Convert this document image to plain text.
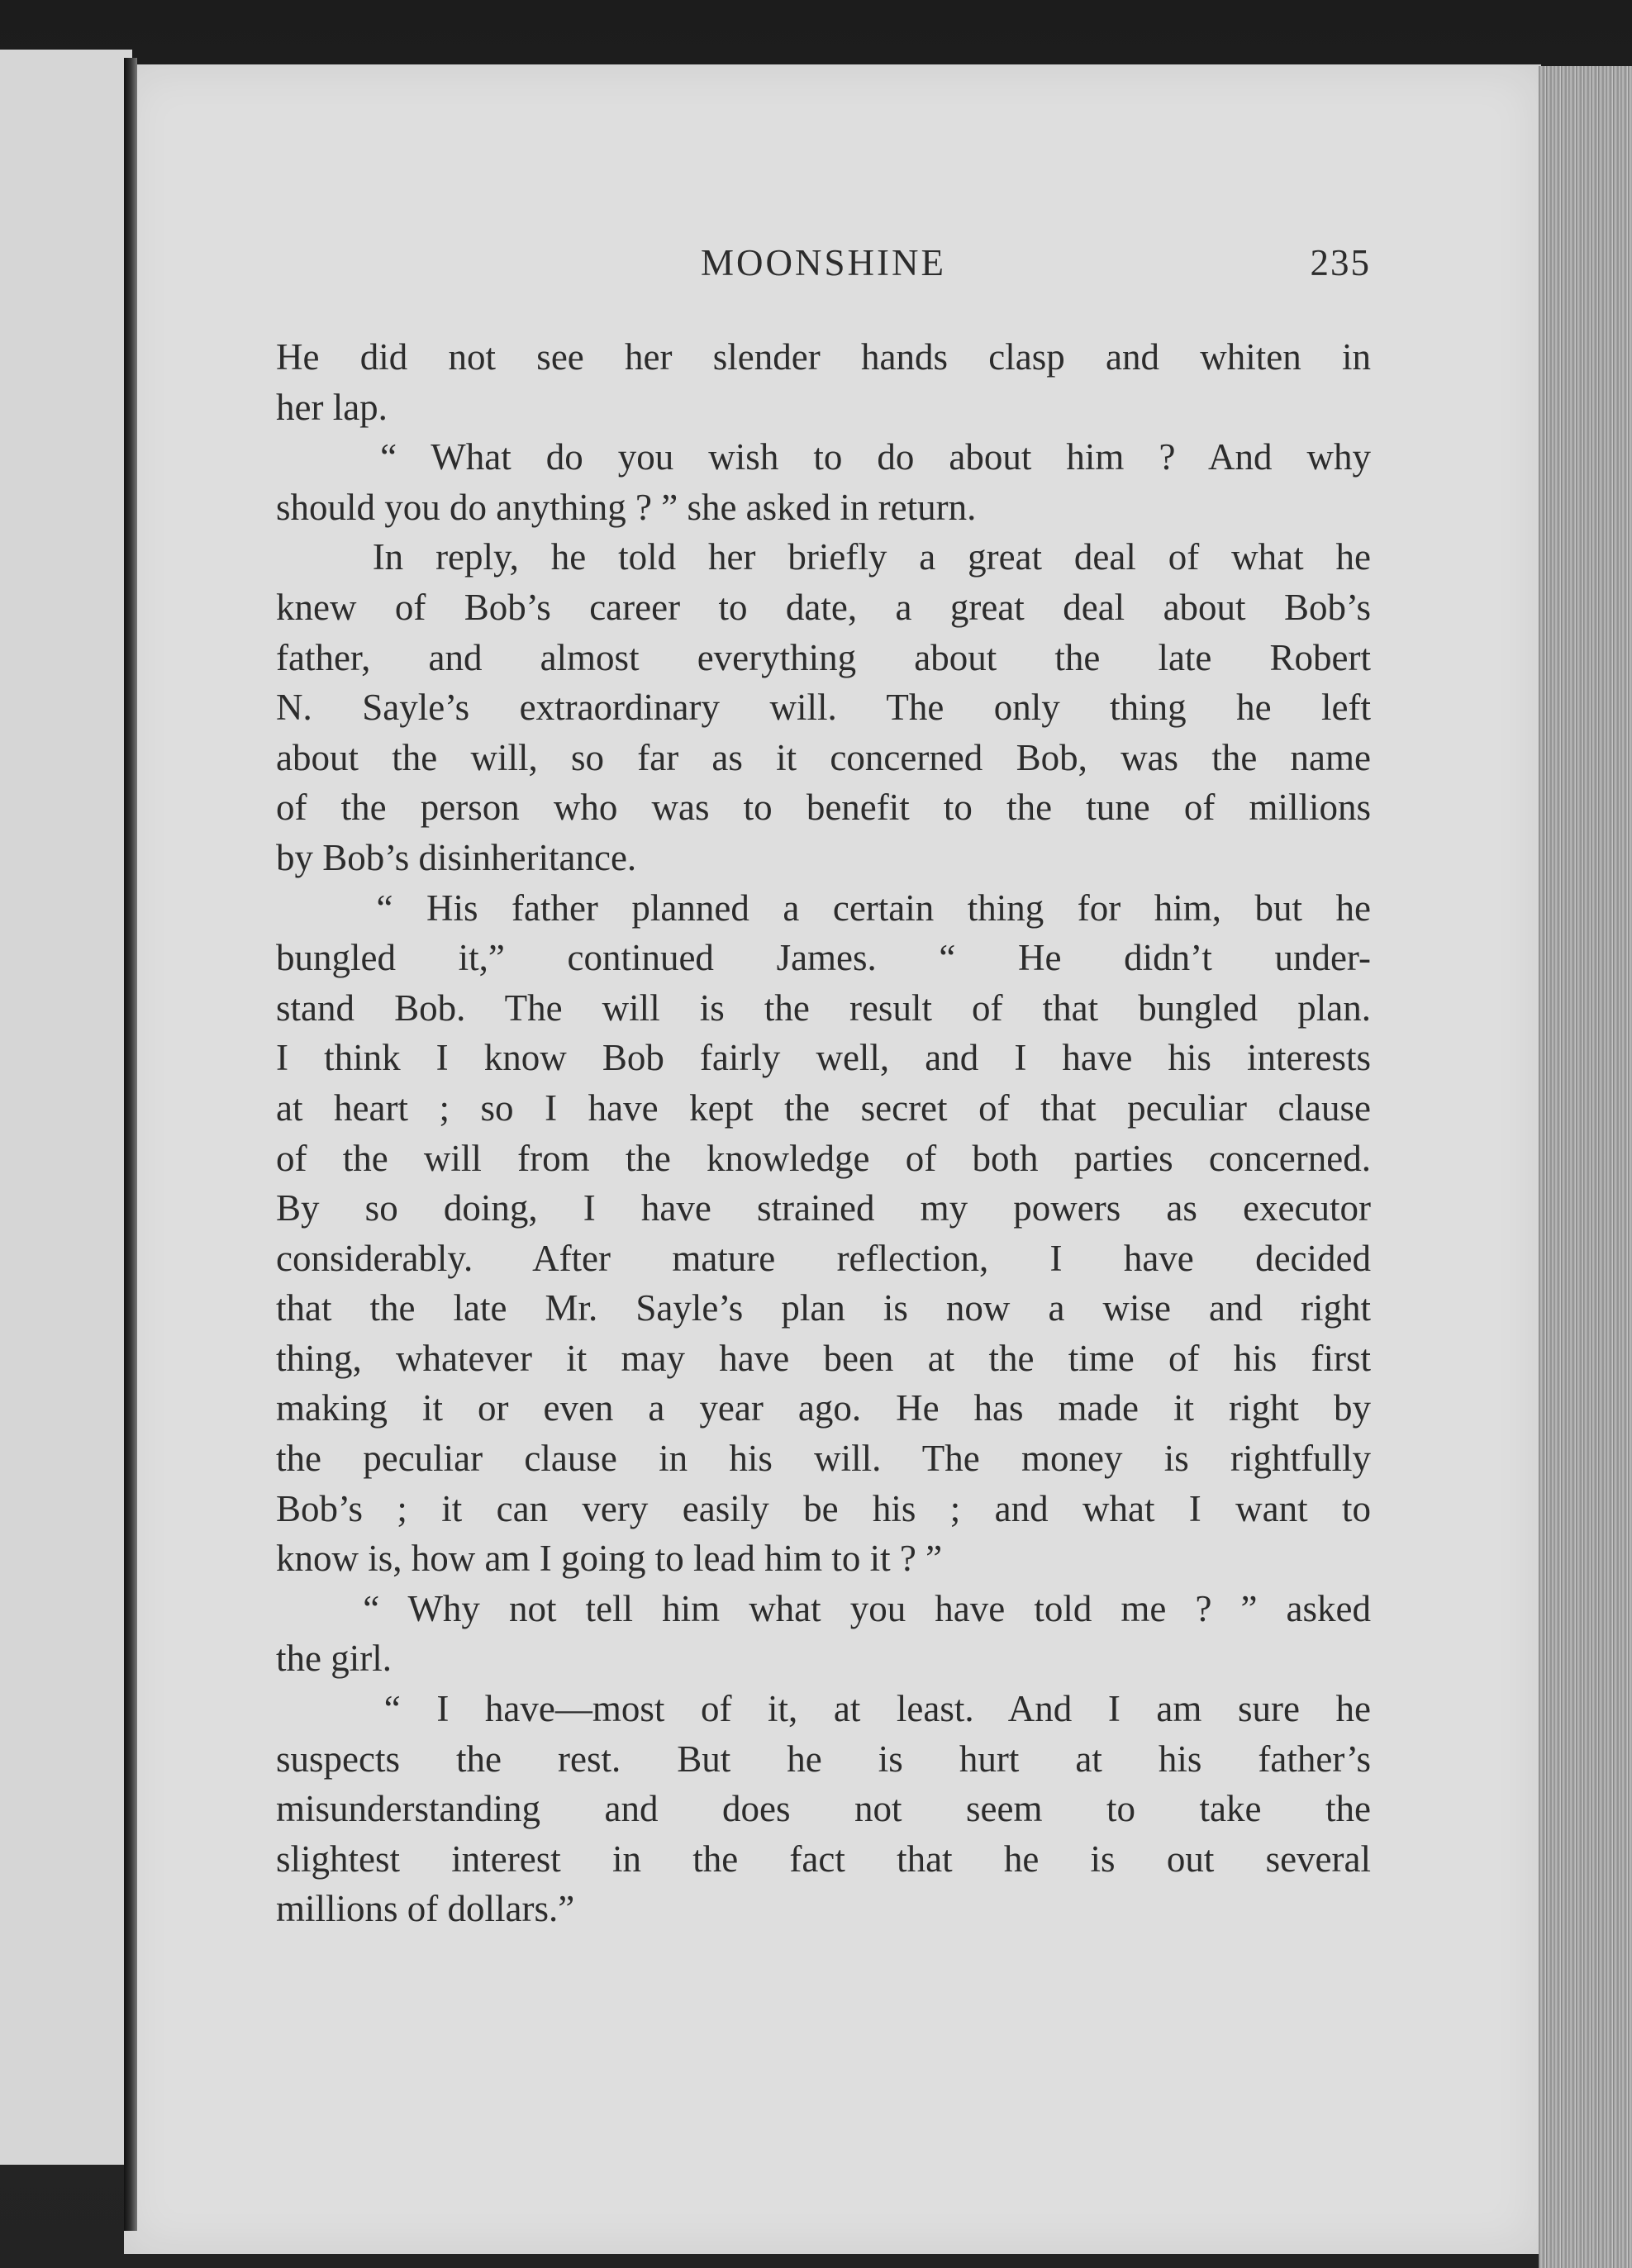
MOONSHINE	235
He did not see her slender hands clasp and whiten in
her lap.
“ What do you wish to do about him ? And why
should you do anything ? ” she asked in return.
In reply, he told her briefly a great deal of what he
knew of Bob’s career to date, a great deal about Bob’s
father, and almost everything about the late Robert
N. Sayle’s extraordinary will. The only thing he left
about the will, so far as it concerned Bob, was the name
of the person who was to benefit to the tune of millions
by Bob’s disinheritance.
“ His father planned a certain thing for him, but he
bungled it,” continued James. “ He didn’t under-
stand Bob. The will is the result of that bungled plan.
I think I know Bob fairly well, and I have his interests
at heart ; so I have kept the secret of that peculiar clause
of the will from the knowledge of both parties concerned.
By so doing, I have strained my powers as executor
considerably. After mature reflection, I have decided
that the late Mr. Sayle’s plan is now a wise and right
thing, whatever it may have been at the time of his first
making it or even a year ago. He has made it right by
the peculiar clause in his will. The money is rightfully
Bob’s ; it can very easily be his ; and what I want to
know is, how am I going to lead him to it ? ”
“ Why not tell him what you have told me ? ” asked
the girl.
“ I have—most of it, at least. And I am sure he
suspects the rest. But he is hurt at his father’s
misunderstanding and does not seem to take the
slightest interest in the fact that he is out several
millions of dollars.”
